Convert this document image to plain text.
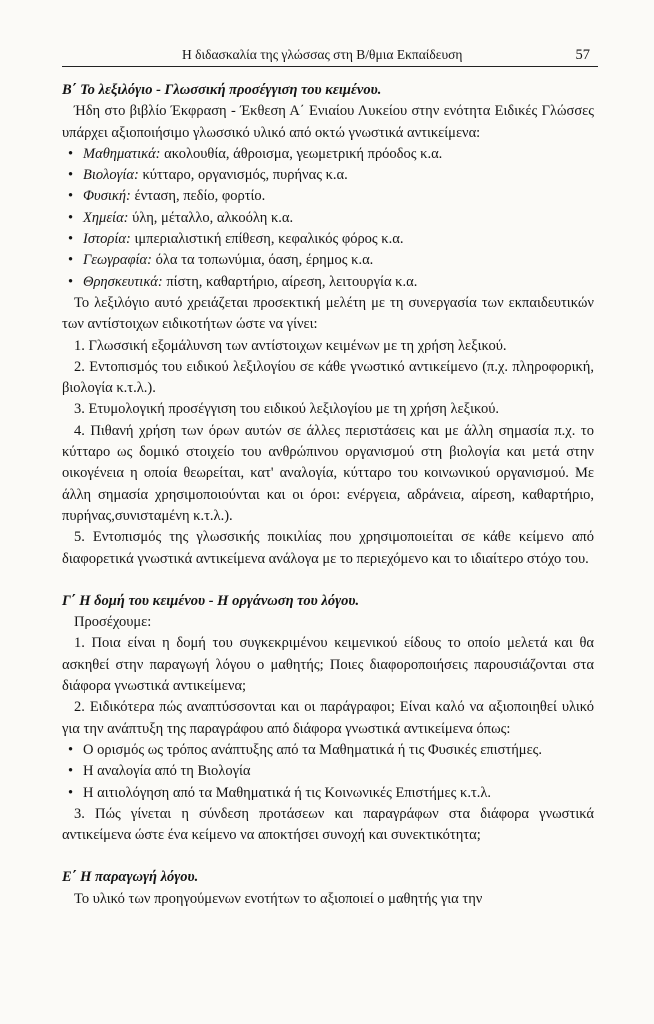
Η διδασκαλία της γλώσσας στη Β/θμια Εκπαίδευση	57

Β΄ Το λεξιλόγιο - Γλωσσική προσέγγιση του κειμένου.

Ήδη στο βιβλίο Έκφραση - Έκθεση Α΄ Ενιαίου Λυκείου στην ενότητα Ειδικές Γλώσσες υπάρχει αξιοποιήσιμο γλωσσικό υλικό από οκτώ γνωστικά αντικείμενα:

• Μαθηματικά: ακολουθία, άθροισμα, γεωμετρική πρόοδος κ.α.
• Βιολογία: κύτταρο, οργανισμός, πυρήνας κ.α.
• Φυσική: ένταση, πεδίο, φορτίο.
• Χημεία: ύλη, μέταλλο, αλκοόλη κ.α.
• Ιστορία: ιμπεριαλιστική επίθεση, κεφαλικός φόρος κ.α.
• Γεωγραφία: όλα τα τοπωνύμια, όαση, έρημος κ.α.
• Θρησκευτικά: πίστη, καθαρτήριο, αίρεση, λειτουργία κ.α.

Το λεξιλόγιο αυτό χρειάζεται προσεκτική μελέτη με τη συνεργασία των εκπαιδευτικών των αντίστοιχων ειδικοτήτων ώστε να γίνει:

1. Γλωσσική εξομάλυνση των αντίστοιχων κειμένων με τη χρήση λεξικού.

2. Εντοπισμός του ειδικού λεξιλογίου σε κάθε γνωστικό αντικείμενο (π.χ. πληροφορική, βιολογία κ.τ.λ.).

3. Ετυμολογική προσέγγιση του ειδικού λεξιλογίου με τη χρήση λεξικού.

4. Πιθανή χρήση των όρων αυτών σε άλλες περιστάσεις και με άλλη σημασία π.χ. το κύτταρο ως δομικό στοιχείο του ανθρώπινου οργανισμού στη βιολογία και μετά στην οικογένεια η οποία θεωρείται, κατ' αναλογία, κύτταρο του κοινωνικού οργανισμού. Με άλλη σημασία χρησιμοποιούνται και οι όροι: ενέργεια, αδράνεια, αίρεση, καθαρτήριο, πυρήνας,συνισταμένη κ.τ.λ.).

5. Εντοπισμός της γλωσσικής ποικιλίας που χρησιμοποιείται σε κάθε κείμενο από διαφορετικά γνωστικά αντικείμενα ανάλογα με το περιεχόμενο και το ιδιαίτερο στόχο του.

Γ΄ Η δομή του κειμένου - Η οργάνωση του λόγου.

Προσέχουμε:

1. Ποια είναι η δομή του συγκεκριμένου κειμενικού είδους το οποίο μελετά και θα ασκηθεί στην παραγωγή λόγου ο μαθητής; Ποιες διαφοροποιήσεις παρουσιάζονται στα διάφορα γνωστικά αντικείμενα;

2. Ειδικότερα πώς αναπτύσσονται και οι παράγραφοι; Είναι καλό να αξιοποιηθεί υλικό για την ανάπτυξη της παραγράφου από διάφορα γνωστικά αντικείμενα όπως:

• Ο ορισμός ως τρόπος ανάπτυξης από τα Μαθηματικά ή τις Φυσικές επιστήμες.
• Η αναλογία από τη Βιολογία
• Η αιτιολόγηση από τα Μαθηματικά ή τις Κοινωνικές Επιστήμες κ.τ.λ.

3. Πώς γίνεται η σύνδεση προτάσεων και παραγράφων στα διάφορα γνωστικά αντικείμενα ώστε ένα κείμενο να αποκτήσει συνοχή και συνεκτικότητα;

Ε΄ Η παραγωγή λόγου.

Το υλικό των προηγούμενων ενοτήτων το αξιοποιεί ο μαθητής για την
